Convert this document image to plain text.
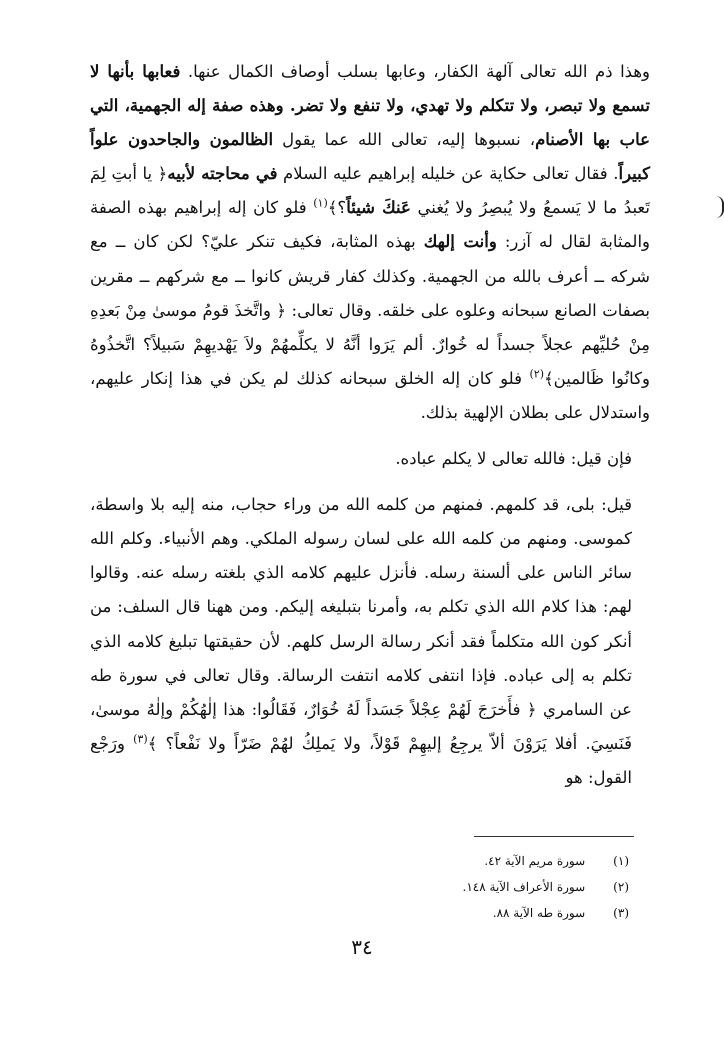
وهذا ذم الله تعالى آلهة الكفار، وعابها بسلب أوصاف الكمال عنها. فعابها بأنها لا تسمع ولا تبصر، ولا تتكلم ولا تهدي، ولا تنفع ولا تضر. وهذه صفة إله الجهمية، التي عاب بها الأصنام، نسبوها إليه، تعالى الله عما يقول الظالمون والجاحدون علواً كبيراً. فقال تعالى حكاية عن خليله إبراهيم عليه السلام في محاجته لأبيه﴿ يا أبتِ لِمَ تَعبدُ ما لا يَسمعُ ولا يُبصِرُ ولا يُغني عَنكَ شيئاً؟﴾$^{(١)}$ فلو كان إله إبراهيم بهذه الصفة والمثابة لقال له آزر: وأنت إلهك بهذه المثابة، فكيف تنكر عليّ؟ لكن كان ــ مع شركه ــ أعرف بالله من الجهمية. وكذلك كفار قريش كانوا ــ مع شركهم ــ مقرين بصفات الصانع سبحانه وعلوه على خلقه. وقال تعالى: ﴿ واتَّخذَ قومُ موسىٰ مِنْ بَعدِهِ مِنْ حُليِّهم عجلاً جسداً له خُوارٌ. ألم يَرَوا أنَّهُ لا يكلِّمهُمْ ولاَ يَهْديهِمْ سَبيلاً؟ اتَّخذُوهُ وكانُوا ظَالمين﴾$^{(٢)}$ فلو كان إله الخلق سبحانه كذلك لم يكن في هذا إنكار عليهم، واستدلال على بطلان الإلهية بذلك.

فإن قيل: فالله تعالى لا يكلم عباده.

قيل: بلى، قد كلمهم. فمنهم من كلمه الله من وراء حجاب، منه إليه بلا واسطة، كموسى. ومنهم من كلمه الله على لسان رسوله الملكي. وهم الأنبياء. وكلم الله سائر الناس على ألسنة رسله. فأنزل عليهم كلامه الذي بلغته رسله عنه. وقالوا لهم: هذا كلام الله الذي تكلم به، وأمرنا بتبليغه إليكم. ومن ههنا قال السلف: من أنكر كون الله متكلماً فقد أنكر رسالة الرسل كلهم. لأن حقيقتها تبليغ كلامه الذي تكلم به إلى عباده. فإذا انتفى كلامه انتفت الرسالة. وقال تعالى في سورة طه عن السامري ﴿ فأَخرَجَ لَهُمْ عِجْلاً جَسَداً لَهُ خُوَارٌ، فَقَالُوا: هذا إلٰهُكُمْ وإلٰهُ موسىٰ، فَنَسِيَ. أفلا يَرَوْنَ ألاّ يرجِعُ إليهِمْ قَوْلاً، ولا يَملِكُ لهُمْ ضَرّاً ولا نَفْعاً؟ ﴾$^{(٣)}$ ورَجْع القول: هو

(١) سورة مريم الآية ٤٢.
(٢) سورة الأعراف الآية ١٤٨.
(٣) سورة طه الآية ٨٨.
٣٤
